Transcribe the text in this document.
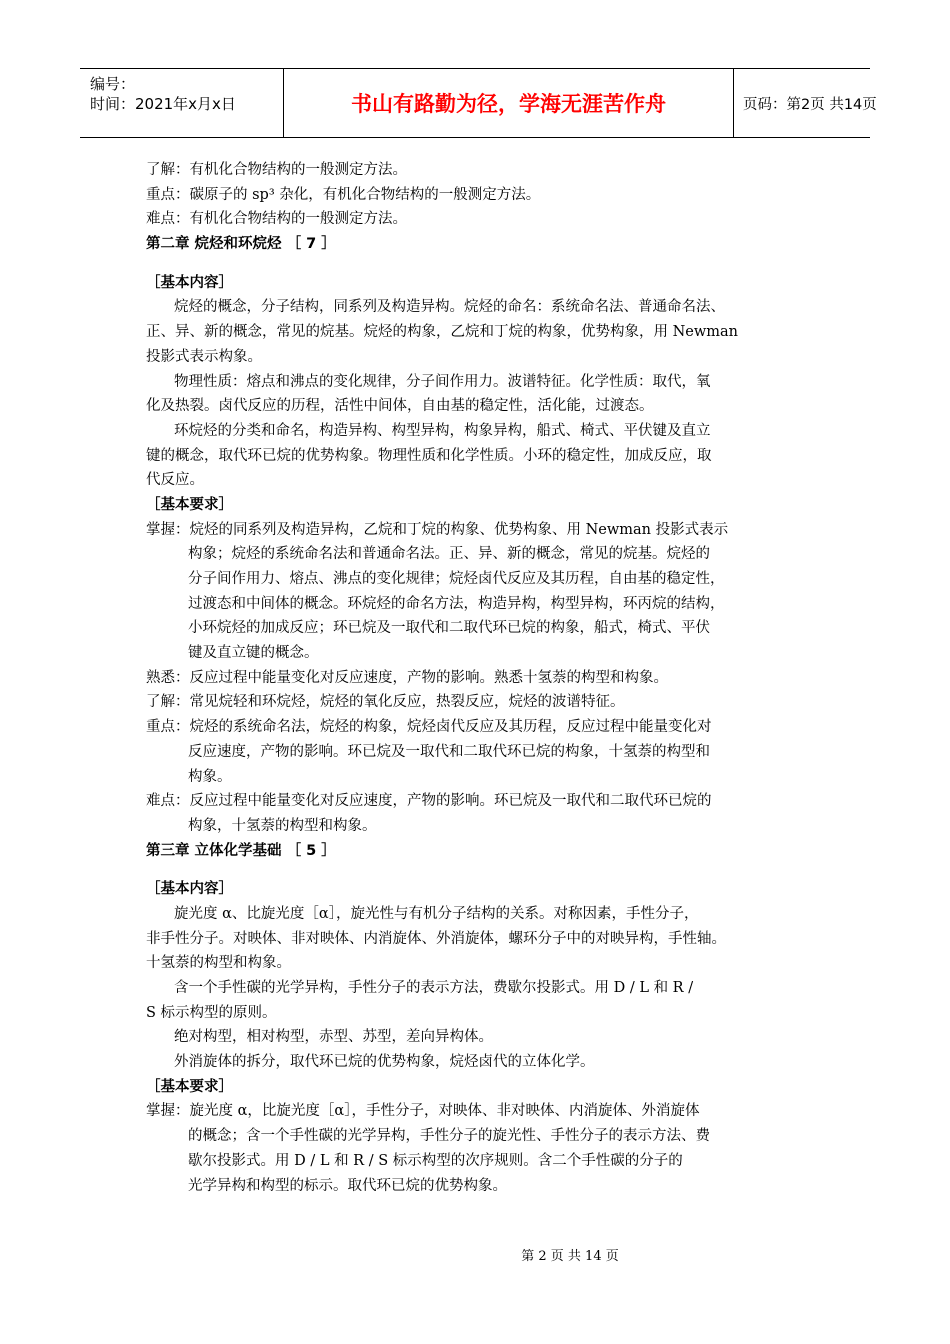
编号：
时间：2021年x月x日	书山有路勤为径，学海无涯苦作舟	页码：第2页 共14页
了解：有机化合物结构的一般测定方法。
重点：碳原子的 sp³ 杂化，有机化合物结构的一般测定方法。
难点：有机化合物结构的一般测定方法。
第二章 烷烃和环烷烃 ［ 7 ］
［基本内容］
烷烃的概念，分子结构，同系列及构造异构。烷烃的命名：系统命名法、普通命名法、
正、异、新的概念，常见的烷基。烷烃的构象，乙烷和丁烷的构象，优势构象，用 Newman
投影式表示构象。
物理性质：熔点和沸点的变化规律，分子间作用力。波谱特征。化学性质：取代，氧
化及热裂。卤代反应的历程，活性中间体，自由基的稳定性，活化能，过渡态。
环烷烃的分类和命名，构造异构、构型异构，构象异构，船式、椅式、平伏键及直立
键的概念，取代环已烷的优势构象。物理性质和化学性质。小环的稳定性，加成反应，取
代反应。
［基本要求］
掌握：烷烃的同系列及构造异构，乙烷和丁烷的构象、优势构象、用 Newman 投影式表示
构象；烷烃的系统命名法和普通命名法。正、异、新的概念，常见的烷基。烷烃的
分子间作用力、熔点、沸点的变化规律；烷烃卤代反应及其历程，自由基的稳定性，
过渡态和中间体的概念。环烷烃的命名方法，构造异构，构型异构，环丙烷的结构，
小环烷烃的加成反应；环已烷及一取代和二取代环已烷的构象，船式，椅式、平伏
键及直立键的概念。
熟悉：反应过程中能量变化对反应速度，产物的影响。熟悉十氢萘的构型和构象。
了解：常见烷轻和环烷烃，烷烃的氧化反应，热裂反应，烷烃的波谱特征。
重点：烷烃的系统命名法，烷烃的构象，烷烃卤代反应及其历程，反应过程中能量变化对
反应速度，产物的影响。环已烷及一取代和二取代环已烷的构象，十氢萘的构型和
构象。
难点：反应过程中能量变化对反应速度，产物的影响。环已烷及一取代和二取代环已烷的
构象，十氢萘的构型和构象。
第三章 立体化学基础 ［ 5 ］
［基本内容］
旋光度 α、比旋光度［α］，旋光性与有机分子结构的关系。对称因素，手性分子，
非手性分子。对映体、非对映体、内消旋体、外消旋体，螺环分子中的对映异构，手性轴。
十氢萘的构型和构象。
含一个手性碳的光学异构，手性分子的表示方法，费歇尔投影式。用 D / L 和 R /
S 标示构型的原则。
绝对构型，相对构型，赤型、苏型，差向异构体。
外消旋体的拆分，取代环已烷的优势构象，烷烃卤代的立体化学。
［基本要求］
掌握：旋光度 α，比旋光度［α］，手性分子，对映体、非对映体、内消旋体、外消旋体
的概念；含一个手性碳的光学异构，手性分子的旋光性、手性分子的表示方法、费
歇尔投影式。用 D / L 和 R / S 标示构型的次序规则。含二个手性碳的分子的
光学异构和构型的标示。取代环已烷的优势构象。
第 2 页 共 14 页
